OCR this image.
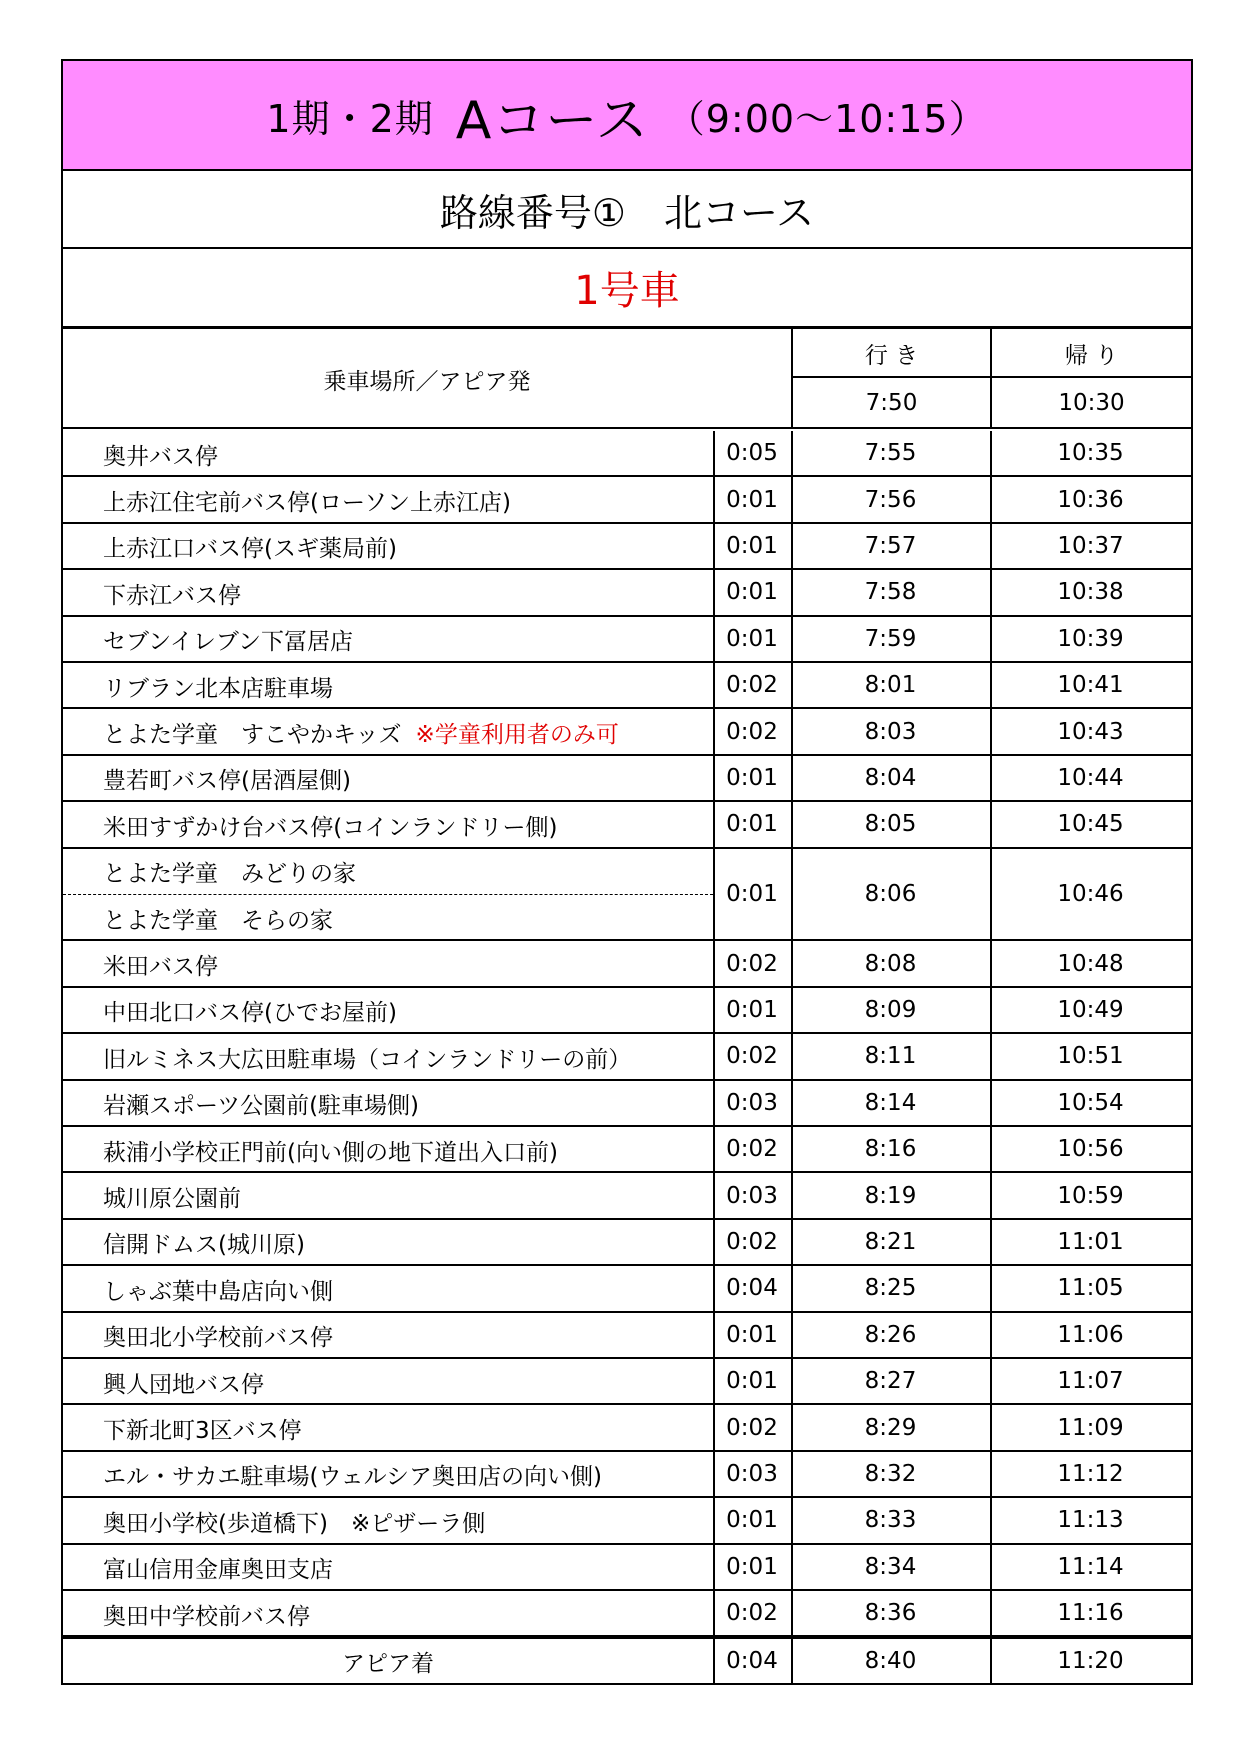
1期・2期 Aコース （9:00～10:15）
路線番号①　北コース
1号車
乗車場所／アピア発
行 き	帰 り
7:50	10:30
奥井バス停	0:05	7:55	10:35
上赤江住宅前バス停(ローソン上赤江店)	0:01	7:56	10:36
上赤江口バス停(スギ薬局前)	0:01	7:57	10:37
下赤江バス停	0:01	7:58	10:38
セブンイレブン下冨居店	0:01	7:59	10:39
リブラン北本店駐車場	0:02	8:01	10:41
とよた学童　すこやかキッズ ※学童利用者のみ可	0:02	8:03	10:43
豊若町バス停(居酒屋側)	0:01	8:04	10:44
米田すずかけ台バス停(コインランドリー側)	0:01	8:05	10:45
とよた学童　みどりの家
とよた学童　そらの家
0:01	8:06	10:46
米田バス停	0:02	8:08	10:48
中田北口バス停(ひでお屋前)	0:01	8:09	10:49
旧ルミネス大広田駐車場（コインランドリーの前）	0:02	8:11	10:51
岩瀬スポーツ公園前(駐車場側)	0:03	8:14	10:54
萩浦小学校正門前(向い側の地下道出入口前)	0:02	8:16	10:56
城川原公園前	0:03	8:19	10:59
信開ドムス(城川原)	0:02	8:21	11:01
しゃぶ葉中島店向い側	0:04	8:25	11:05
奥田北小学校前バス停	0:01	8:26	11:06
興人団地バス停	0:01	8:27	11:07
下新北町3区バス停	0:02	8:29	11:09
エル・サカエ駐車場(ウェルシア奥田店の向い側)	0:03	8:32	11:12
奥田小学校(歩道橋下)　※ピザーラ側	0:01	8:33	11:13
富山信用金庫奥田支店	0:01	8:34	11:14
奥田中学校前バス停	0:02	8:36	11:16
アピア着	0:04	8:40	11:20
